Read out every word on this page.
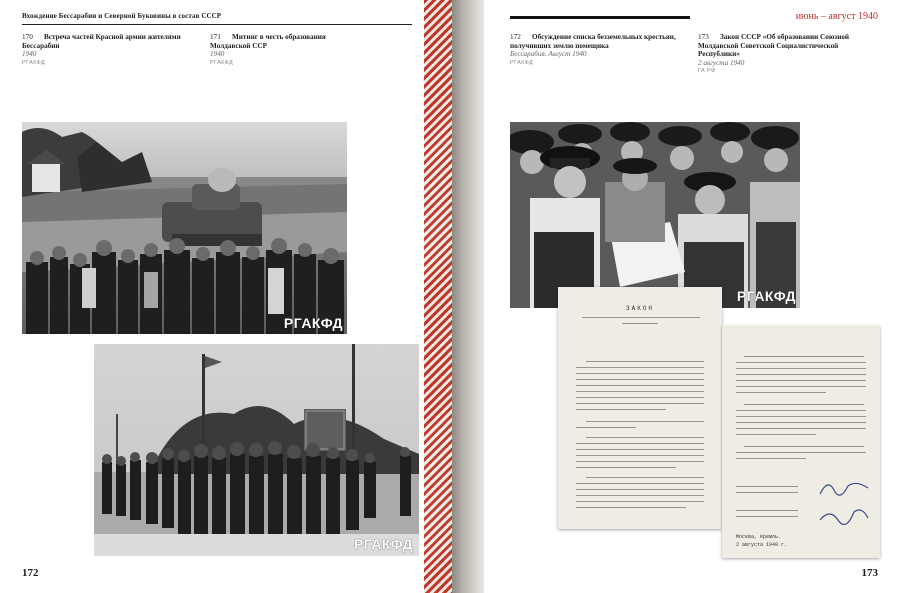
Вхождение Бессарабии и Северной Буковины в состав СССР
170 Встреча частей Красной армии жителями Бессарабии
1940
РГАКФД
171 Митинг в честь образования Молдавской ССР
1940
РГАКФД
РГАКФД
РГАКФД
172
июнь – август 1940
172 Обсуждение списка безземельных крестьян, получивших землю помещика
Бессарабия. Август 1940
РГАКФД
173 Закон СССР «Об образовании Союзной Молдавской Советской Социалистической Республики»
2 августа 1940
ГА РФ
РГАКФД
ЗАКОН
Москва, Кремль.
2 августа 1940 г.
173
